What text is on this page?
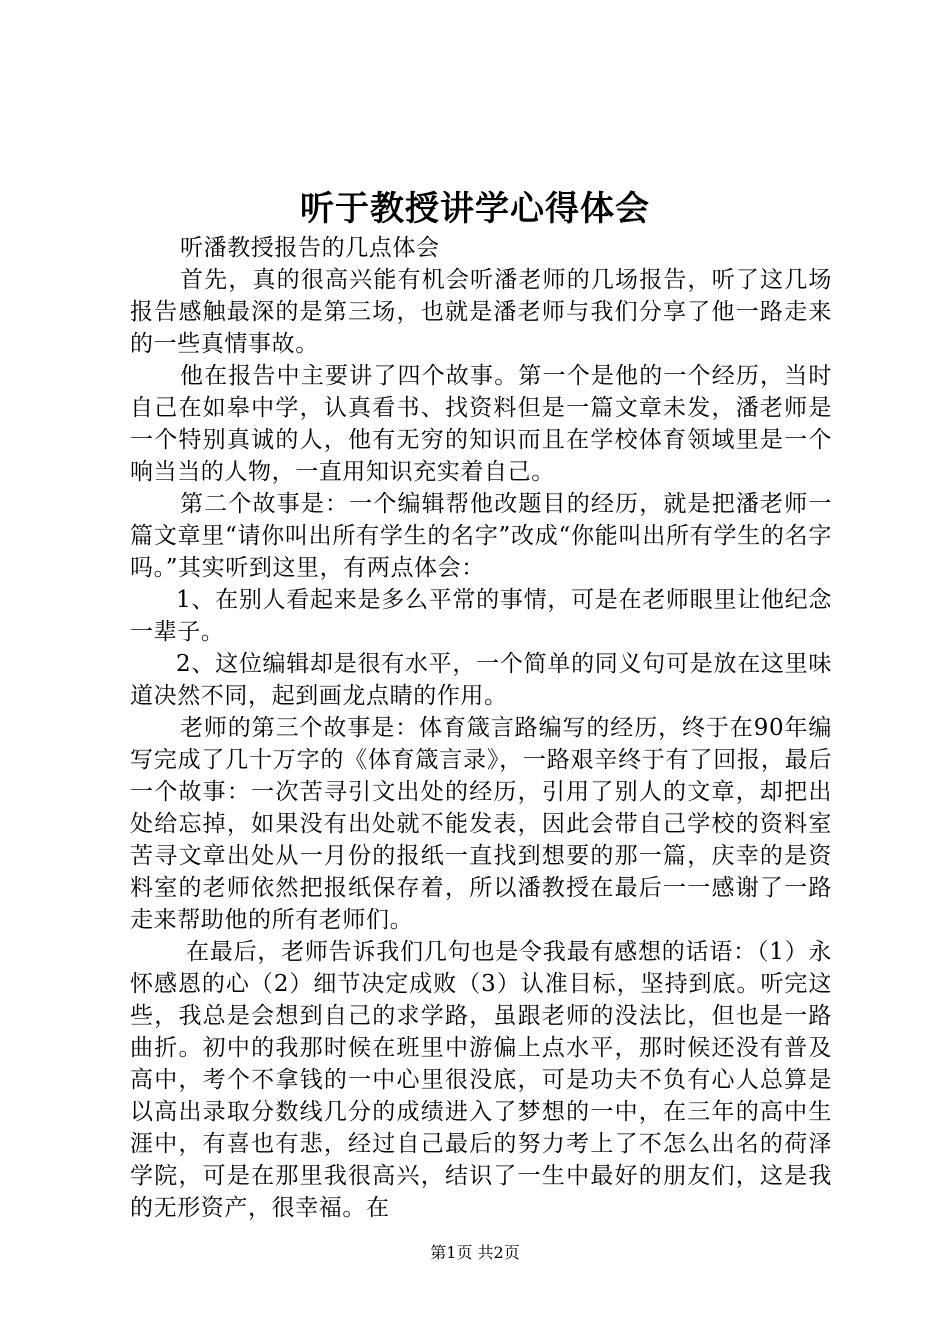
听于教授讲学心得体会

听潘教授报告的几点体会

首先，真的很高兴能有机会听潘老师的几场报告，听了这几场报告感触最深的是第三场，也就是潘老师与我们分享了他一路走来的一些真情事故。

他在报告中主要讲了四个故事。第一个是他的一个经历，当时自己在如皋中学，认真看书、找资料但是一篇文章未发，潘老师是一个特别真诚的人，他有无穷的知识而且在学校体育领域里是一个响当当的人物，一直用知识充实着自己。

第二个故事是：一个编辑帮他改题目的经历，就是把潘老师一篇文章里“请你叫出所有学生的名字”改成“你能叫出所有学生的名字吗。”其实听到这里，有两点体会：

1、在别人看起来是多么平常的事情，可是在老师眼里让他纪念一辈子。

2、这位编辑却是很有水平，一个简单的同义句可是放在这里味道决然不同，起到画龙点睛的作用。

老师的第三个故事是：体育箴言路编写的经历，终于在90年编写完成了几十万字的《体育箴言录》，一路艰辛终于有了回报，最后一个故事：一次苦寻引文出处的经历，引用了别人的文章，却把出处给忘掉，如果没有出处就不能发表，因此会带自己学校的资料室苦寻文章出处从一月份的报纸一直找到想要的那一篇，庆幸的是资料室的老师依然把报纸保存着，所以潘教授在最后一一感谢了一路走来帮助他的所有老师们。

在最后，老师告诉我们几句也是令我最有感想的话语：（1）永怀感恩的心（2）细节决定成败（3）认准目标，坚持到底。听完这些，我总是会想到自己的求学路，虽跟老师的没法比，但也是一路曲折。初中的我那时候在班里中游偏上点水平，那时候还没有普及高中，考个不拿钱的一中心里很没底，可是功夫不负有心人总算是以高出录取分数线几分的成绩进入了梦想的一中，在三年的高中生涯中，有喜也有悲，经过自己最后的努力考上了不怎么出名的荷泽学院，可是在那里我很高兴，结识了一生中最好的朋友们，这是我的无形资产，很幸福。在

第1页 共2页
